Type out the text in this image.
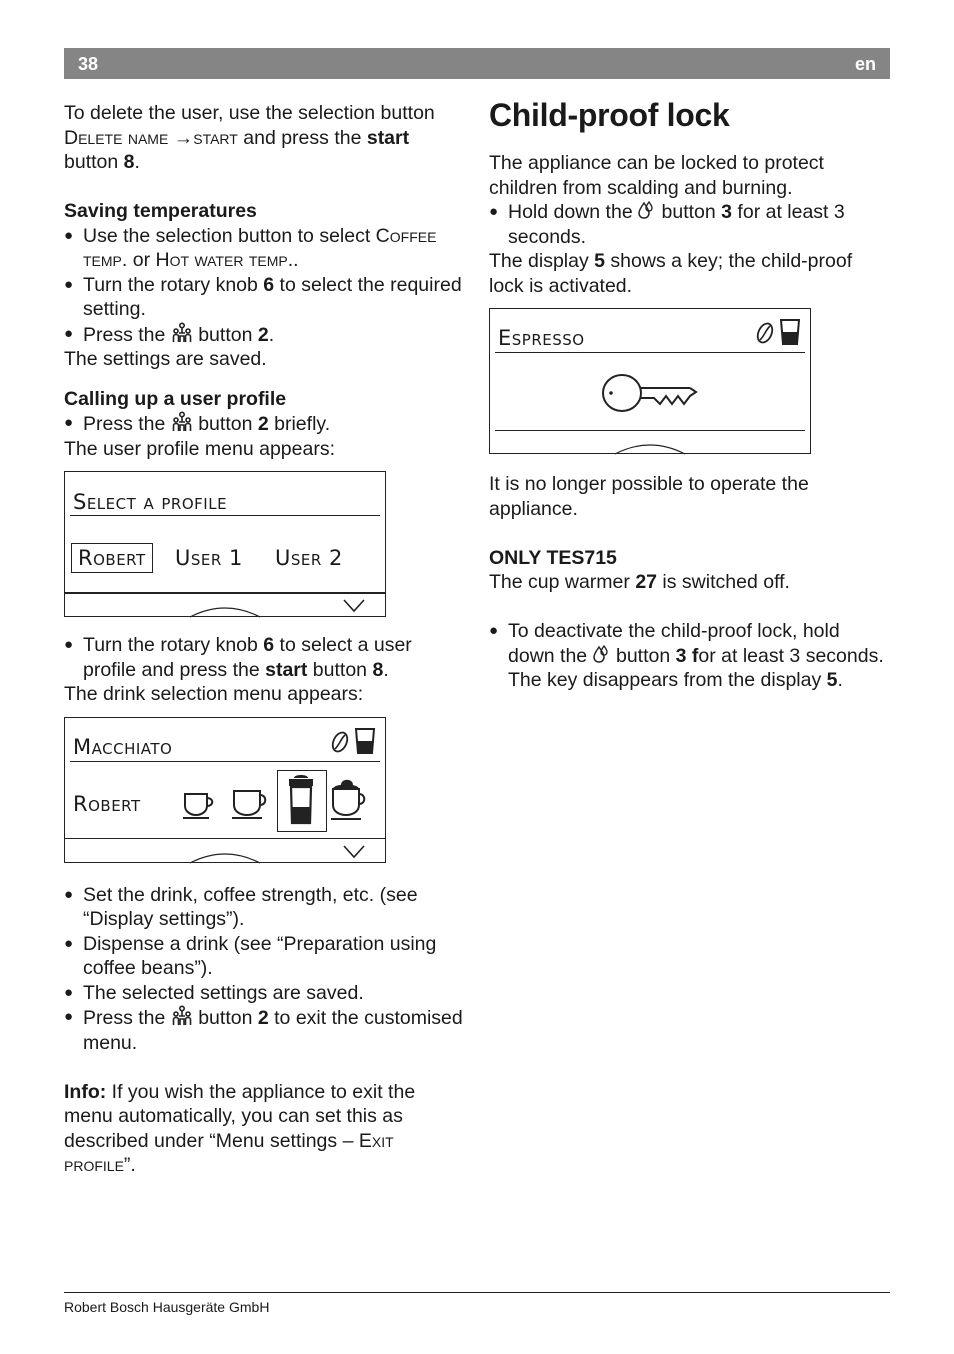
38	en

To delete the user, use the selection button
Delete name →start and press the start
button 8.

Saving temperatures

● Use the selection button to select Coffee temp. or Hot water temp..
● Turn the rotary knob 6 to select the required setting.
● Press the  button 2.

The settings are saved.

Calling up a user profile

● Press the  button 2 briefly.

The user profile menu appears:

Select a profile
Robert	User 1 User 2
● Turn the rotary knob 6 to select a user profile and press the start button 8.

The drink selection menu appears:

Macchiato
Robert
● Set the drink, coffee strength, etc. (see “Display settings”).
● Dispense a drink (see “Preparation using coffee beans”).
● The selected settings are saved.
● Press the  button 2 to exit the customised menu.

Info: If you wish the appliance to exit the menu automatically, you can set this as described under “Menu settings – Exit profile”.

Child-proof lock

The appliance can be locked to protect children from scalding and burning.

● Hold down the  button 3 for at least 3 seconds.

The display 5 shows a key; the child-proof lock is activated.

Espresso

It is no longer possible to operate the appliance.

ONLY TES715

The cup warmer 27 is switched off.

● To deactivate the child-proof lock, hold down the  button 3 for at least 3 seconds. The key disappears from the display 5.
Robert Bosch Hausgeräte GmbH
